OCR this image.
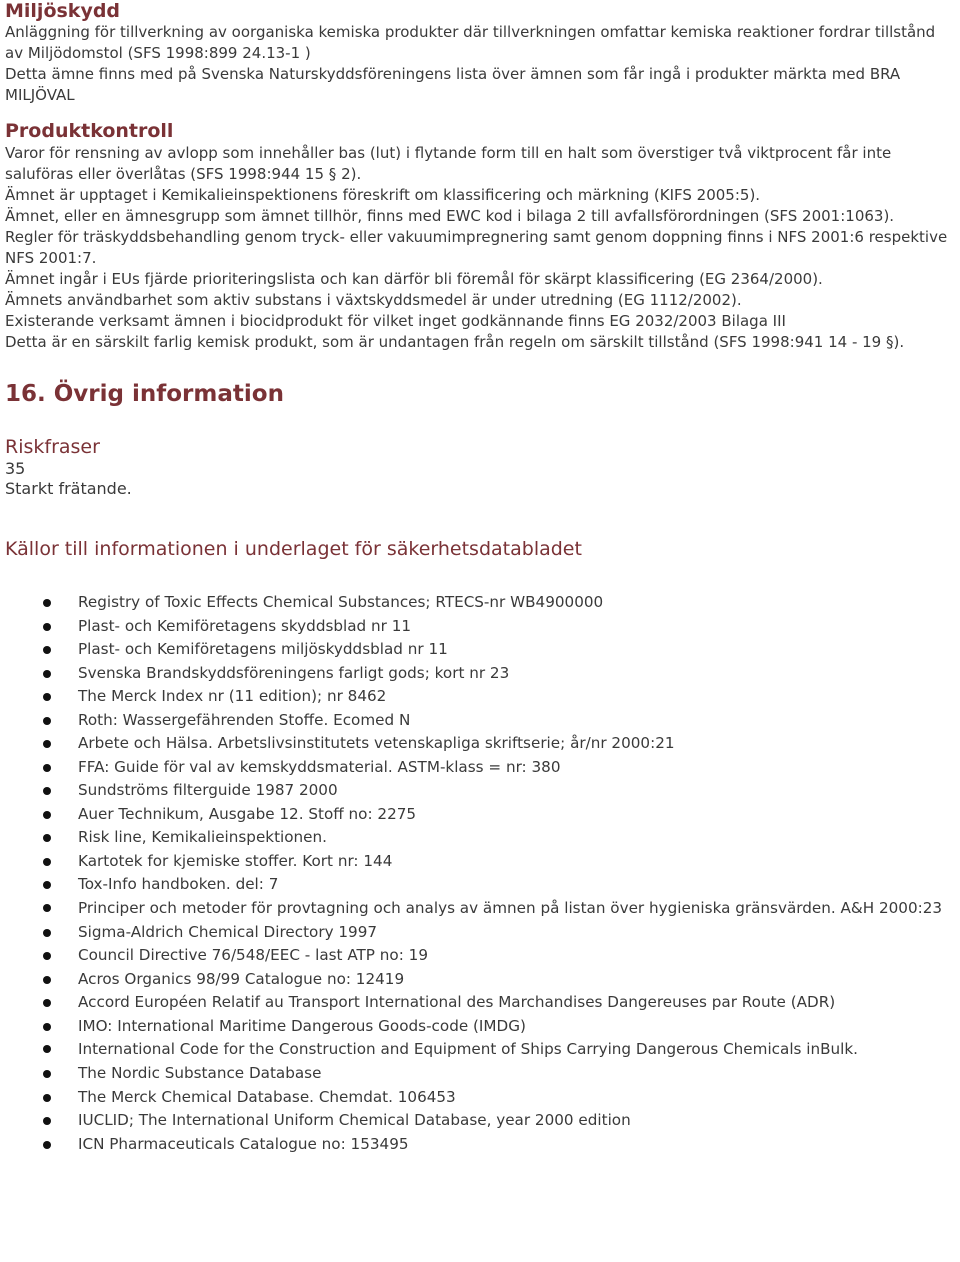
Miljöskydd

Anläggning för tillverkning av oorganiska kemiska produkter där tillverkningen omfattar kemiska reaktioner fordrar tillstånd av Miljödomstol (SFS 1998:899 24.13-1 )

Detta ämne finns med på Svenska Naturskyddsföreningens lista över ämnen som får ingå i produkter märkta med BRA MILJÖVAL

Produktkontroll

Varor för rensning av avlopp som innehåller bas (lut) i flytande form till en halt som överstiger två viktprocent får inte saluföras eller överlåtas (SFS 1998:944 15 § 2).

Ämnet är upptaget i Kemikalieinspektionens föreskrift om klassificering och märkning (KIFS 2005:5).

Ämnet, eller en ämnesgrupp som ämnet tillhör, finns med EWC kod i bilaga 2 till avfallsförordningen (SFS 2001:1063).

Regler för träskyddsbehandling genom tryck- eller vakuumimpregnering samt genom doppning finns i NFS 2001:6 respektive NFS 2001:7.

Ämnet ingår i EUs fjärde prioriteringslista och kan därför bli föremål för skärpt klassificering (EG 2364/2000).

Ämnets användbarhet som aktiv substans i växtskyddsmedel är under utredning (EG 1112/2002).

Existerande verksamt ämnen i biocidprodukt för vilket inget godkännande finns EG 2032/2003 Bilaga III

Detta är en särskilt farlig kemisk produkt, som är undantagen från regeln om särskilt tillstånd (SFS 1998:941 14 - 19 §).

16. Övrig information
Riskfraser

35

Starkt frätande.

Källor till informationen i underlaget för säkerhetsdatabladet
Registry of Toxic Effects Chemical Substances; RTECS-nr WB4900000
Plast- och Kemiföretagens skyddsblad nr 11
Plast- och Kemiföretagens miljöskyddsblad nr 11
Svenska Brandskyddsföreningens farligt gods; kort nr 23
The Merck Index nr (11 edition); nr 8462
Roth: Wassergefährenden Stoffe. Ecomed N
Arbete och Hälsa. Arbetslivsinstitutets vetenskapliga skriftserie; år/nr 2000:21
FFA: Guide för val av kemskyddsmaterial. ASTM-klass = nr: 380
Sundströms filterguide 1987 2000
Auer Technikum, Ausgabe 12. Stoff no: 2275
Risk line, Kemikalieinspektionen.
Kartotek for kjemiske stoffer. Kort nr: 144
Tox-Info handboken. del: 7
Principer och metoder för provtagning och analys av ämnen på listan över hygieniska gränsvärden. A&H 2000:23
Sigma-Aldrich Chemical Directory 1997
Council Directive 76/548/EEC - last ATP no: 19
Acros Organics 98/99 Catalogue no: 12419
Accord Européen Relatif au Transport International des Marchandises Dangereuses par Route (ADR)
IMO: International Maritime Dangerous Goods-code (IMDG)
International Code for the Construction and Equipment of Ships Carrying Dangerous Chemicals inBulk.
The Nordic Substance Database
The Merck Chemical Database. Chemdat. 106453
IUCLID; The International Uniform Chemical Database, year 2000 edition
ICN Pharmaceuticals Catalogue no: 153495
